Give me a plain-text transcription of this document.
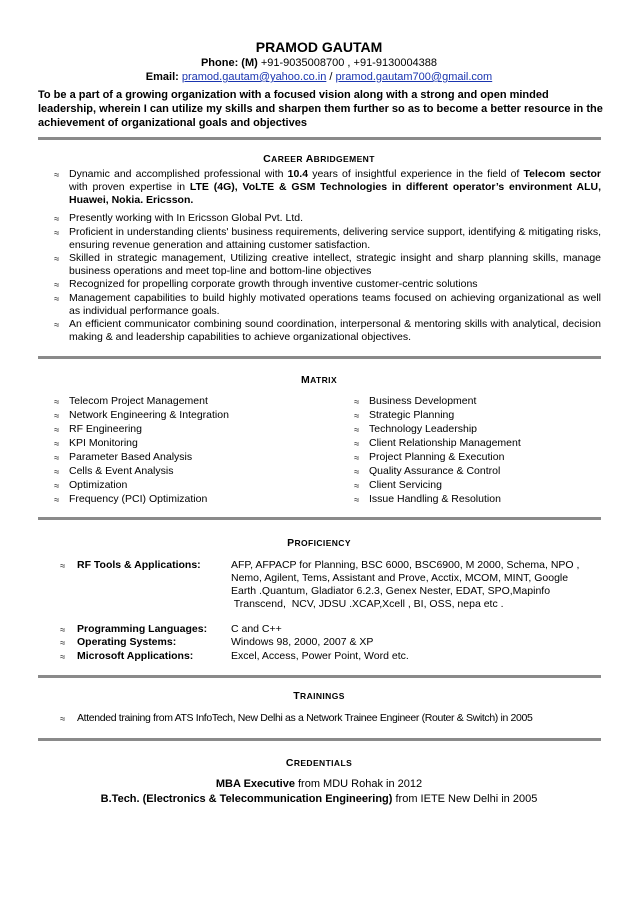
PRAMOD GAUTAM
Phone: (M) +91-9035008700 , +91-9130004388
Email: pramod.gautam@yahoo.co.in / pramod.gautam700@gmail.com
To be a part of a growing organization with a focused vision along with a strong and open minded leadership, wherein I can utilize my skills and sharpen them further so as to become a better resource in the achievement of organizational goals and objectives
CAREER ABRIDGEMENT
≈ Dynamic and accomplished professional with 10.4 years of insightful experience in the field of Telecom sector with proven expertise in LTE (4G), VoLTE & GSM Technologies in different operator’s environment ALU, Huawei, Nokia. Ericsson.
≈ Presently working with In Ericsson Global Pvt. Ltd.
≈ Proficient in understanding clients' business requirements, delivering service support, identifying & mitigating risks, ensuring revenue generation and attaining customer satisfaction.
≈ Skilled in strategic management, Utilizing creative intellect, strategic insight and sharp planning skills, manage business operations and meet top-line and bottom-line objectives
≈ Recognized for propelling corporate growth through inventive customer-centric solutions
≈ Management capabilities to build highly motivated operations teams focused on achieving organizational as well as individual performance goals.
≈ An efficient communicator combining sound coordination, interpersonal & mentoring skills with analytical, decision making & and leadership capabilities to achieve organizational objectives.
MATRIX
≈ Telecom Project Management
≈ Network Engineering & Integration
≈ RF Engineering
≈ KPI Monitoring
≈ Parameter Based Analysis
≈ Cells & Event Analysis
≈ Optimization
≈ Frequency (PCI) Optimization
≈ Business Development
≈ Strategic Planning
≈ Technology Leadership
≈ Client Relationship Management
≈ Project Planning & Execution
≈ Quality Assurance & Control
≈ Client Servicing
≈ Issue Handling & Resolution
PROFICIENCY
≈ RF Tools & Applications:	AFP, AFPACP for Planning, BSC 6000, BSC6900, M 2000, Schema, NPO ,
Nemo, Agilent, Tems, Assistant and Prove, Acctix, MCOM, MINT, Google
Earth .Quantum, Gladiator 6.2.3, Genex Nester, EDAT, SPO,Mapinfo
Transcend,  NCV, JDSU .XCAP,Xcell , BI, OSS, nepa etc .
≈ Programming Languages: C and C++
≈ Operating Systems:	Windows 98, 2000, 2007 & XP
≈ Microsoft Applications:	Excel, Access, Power Point, Word etc.
TRAININGS
≈ Attended training from ATS InfoTech, New Delhi as a Network Trainee Engineer (Router & Switch) in 2005
CREDENTIALS
MBA Executive from MDU Rohak in 2012
B.Tech. (Electronics & Telecommunication Engineering) from IETE New Delhi in 2005
